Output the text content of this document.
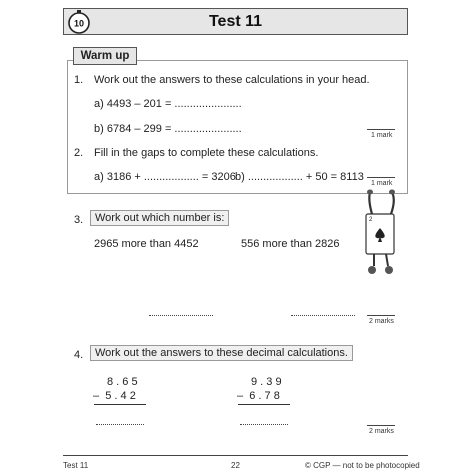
10	Test 11
Warm up
1. Work out the answers to these calculations in your head.
a) 4493 – 201 = ......................
b) 6784 – 299 = ......................
1 mark
2. Fill in the gaps to complete these calculations.
a) 3186 + .................. = 3206 b) .................. + 50 = 8113
1 mark
2
3.	Work out which number is:
2965 more than 4452	556 more than 2826
2 marks
4.	Work out the answers to these decimal calculations.
8 . 6 5
–  5 . 4 2
9 . 3 9
–  6 . 7 8
2 marks
Test 11	22	© CGP — not to be photocopied
